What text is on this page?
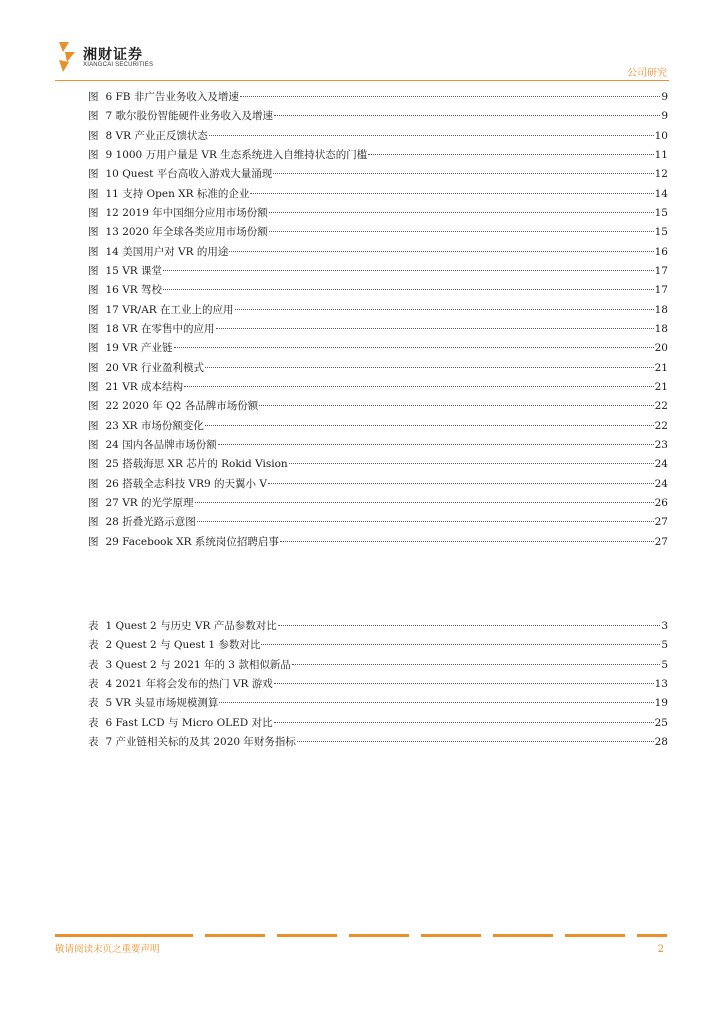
湘财证券
XIANGCAI SECURITIES
公司研究
图 6 FB 非广告业务收入及增速	9
图 7 歌尔股份智能硬件业务收入及增速	9
图 8 VR 产业正反馈状态	10
图 9 1000 万用户量是 VR 生态系统进入自维持状态的门槛	11
图 10 Quest 平台高收入游戏大量涌现	12
图 11 支持 Open XR 标准的企业	14
图 12 2019 年中国细分应用市场份额	15
图 13 2020 年全球各类应用市场份额	15
图 14 美国用户对 VR 的用途	16
图 15 VR 课堂	17
图 16 VR 驾校	17
图 17 VR/AR 在工业上的应用	18
图 18 VR 在零售中的应用	18
图 19 VR 产业链	20
图 20 VR 行业盈利模式	21
图 21 VR 成本结构	21
图 22 2020 年 Q2 各品牌市场份额	22
图 23 XR 市场份额变化	22
图 24 国内各品牌市场份额	23
图 25 搭载海思 XR 芯片的 Rokid Vision	24
图 26 搭载全志科技 VR9 的天翼小 V	24
图 27 VR 的光学原理	26
图 28 折叠光路示意图	27
图 29 Facebook XR 系统岗位招聘启事	27
表 1 Quest 2 与历史 VR 产品参数对比	3
表 2 Quest 2 与 Quest 1 参数对比	5
表 3 Quest 2 与 2021 年的 3 款相似新品	5
表 4 2021 年将会发布的热门 VR 游戏	13
表 5 VR 头显市场规模测算	19
表 6 Fast LCD 与 Micro OLED 对比	25
表 7 产业链相关标的及其 2020 年财务指标	28
敬请阅读末页之重要声明	2
